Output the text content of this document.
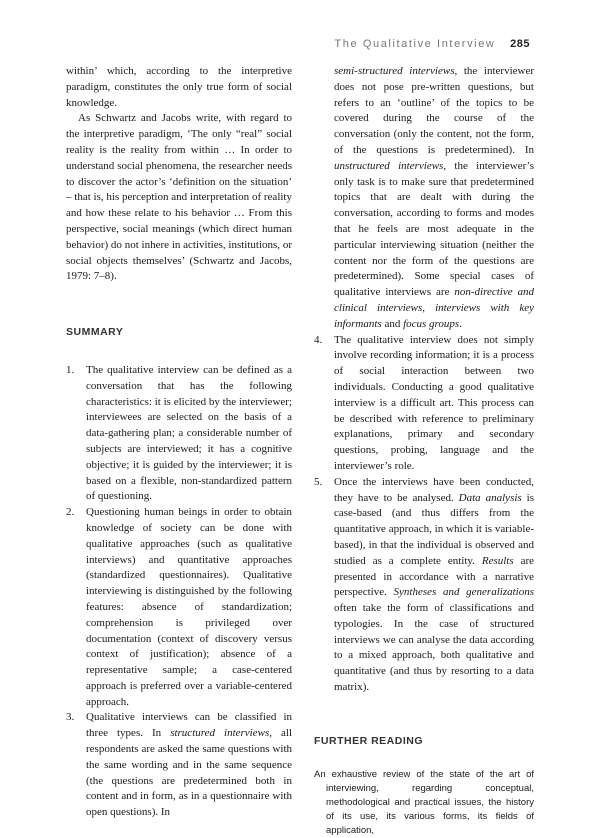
The Qualitative Interview 285

within’ which, according to the interpretive paradigm, constitutes the only true form of social knowledge.

As Schwartz and Jacobs write, with regard to the interpretive paradigm, ‘The only “real” social reality is the reality from within … In order to understand social phenomena, the researcher needs to discover the actor’s ‘definition on the situation’ – that is, his perception and interpretation of reality and how these relate to his behavior … From this perspective, social meanings (which direct human behavior) do not inhere in activities, institutions, or social objects themselves’ (Schwartz and Jacobs, 1979: 7–8).

SUMMARY
1. The qualitative interview can be defined as a conversation that has the following characteristics: it is elicited by the interviewer; interviewees are selected on the basis of a data-gathering plan; a considerable number of subjects are interviewed; it has a cognitive objective; it is guided by the interviewer; it is based on a flexible, non-standardized pattern of questioning.

2. Questioning human beings in order to obtain knowledge of society can be done with qualitative approaches (such as qualitative interviews) and quantitative approaches (standardized questionnaires). Qualitative interviewing is distinguished by the following features: absence of standardization; comprehension is privileged over documentation (context of discovery versus context of justification); absence of a representative sample; a case-centered approach is preferred over a variable-centered approach.

3. Qualitative interviews can be classified in three types. In structured interviews, all respondents are asked the same questions with the same wording and in the same sequence (the questions are predetermined both in content and in form, as in a questionnaire with open questions). In

semi-structured interviews, the interviewer does not pose pre-written questions, but refers to an ‘outline’ of the topics to be covered during the course of the conversation (only the content, not the form, of the questions is predetermined). In unstructured interviews, the interviewer’s only task is to make sure that predetermined topics that are dealt with during the conversation, according to forms and modes that he feels are most adequate in the particular interviewing situation (neither the content nor the form of the questions are predetermined). Some special cases of qualitative interviews are non-directive and clinical interviews, interviews with key informants and focus groups.

4. The qualitative interview does not simply involve recording information; it is a process of social interaction between two individuals. Conducting a good qualitative interview is a difficult art. This process can be described with reference to preliminary explanations, primary and secondary questions, probing, language and the interviewer’s role.

5. Once the interviews have been conducted, they have to be analysed. Data analysis is case-based (and thus differs from the quantitative approach, in which it is variable-based), in that the individual is observed and studied as a complete entity. Results are presented in accordance with a narrative perspective. Syntheses and generalizations often take the form of classifications and typologies. In the case of structured interviews we can analyse the data according to a mixed approach, both qualitative and quantitative (and thus by resorting to a data matrix).

FURTHER READING

An exhaustive review of the state of the art of interviewing, regarding conceptual, methodological and practical issues, the history of its use, its various forms, its fields of application,
